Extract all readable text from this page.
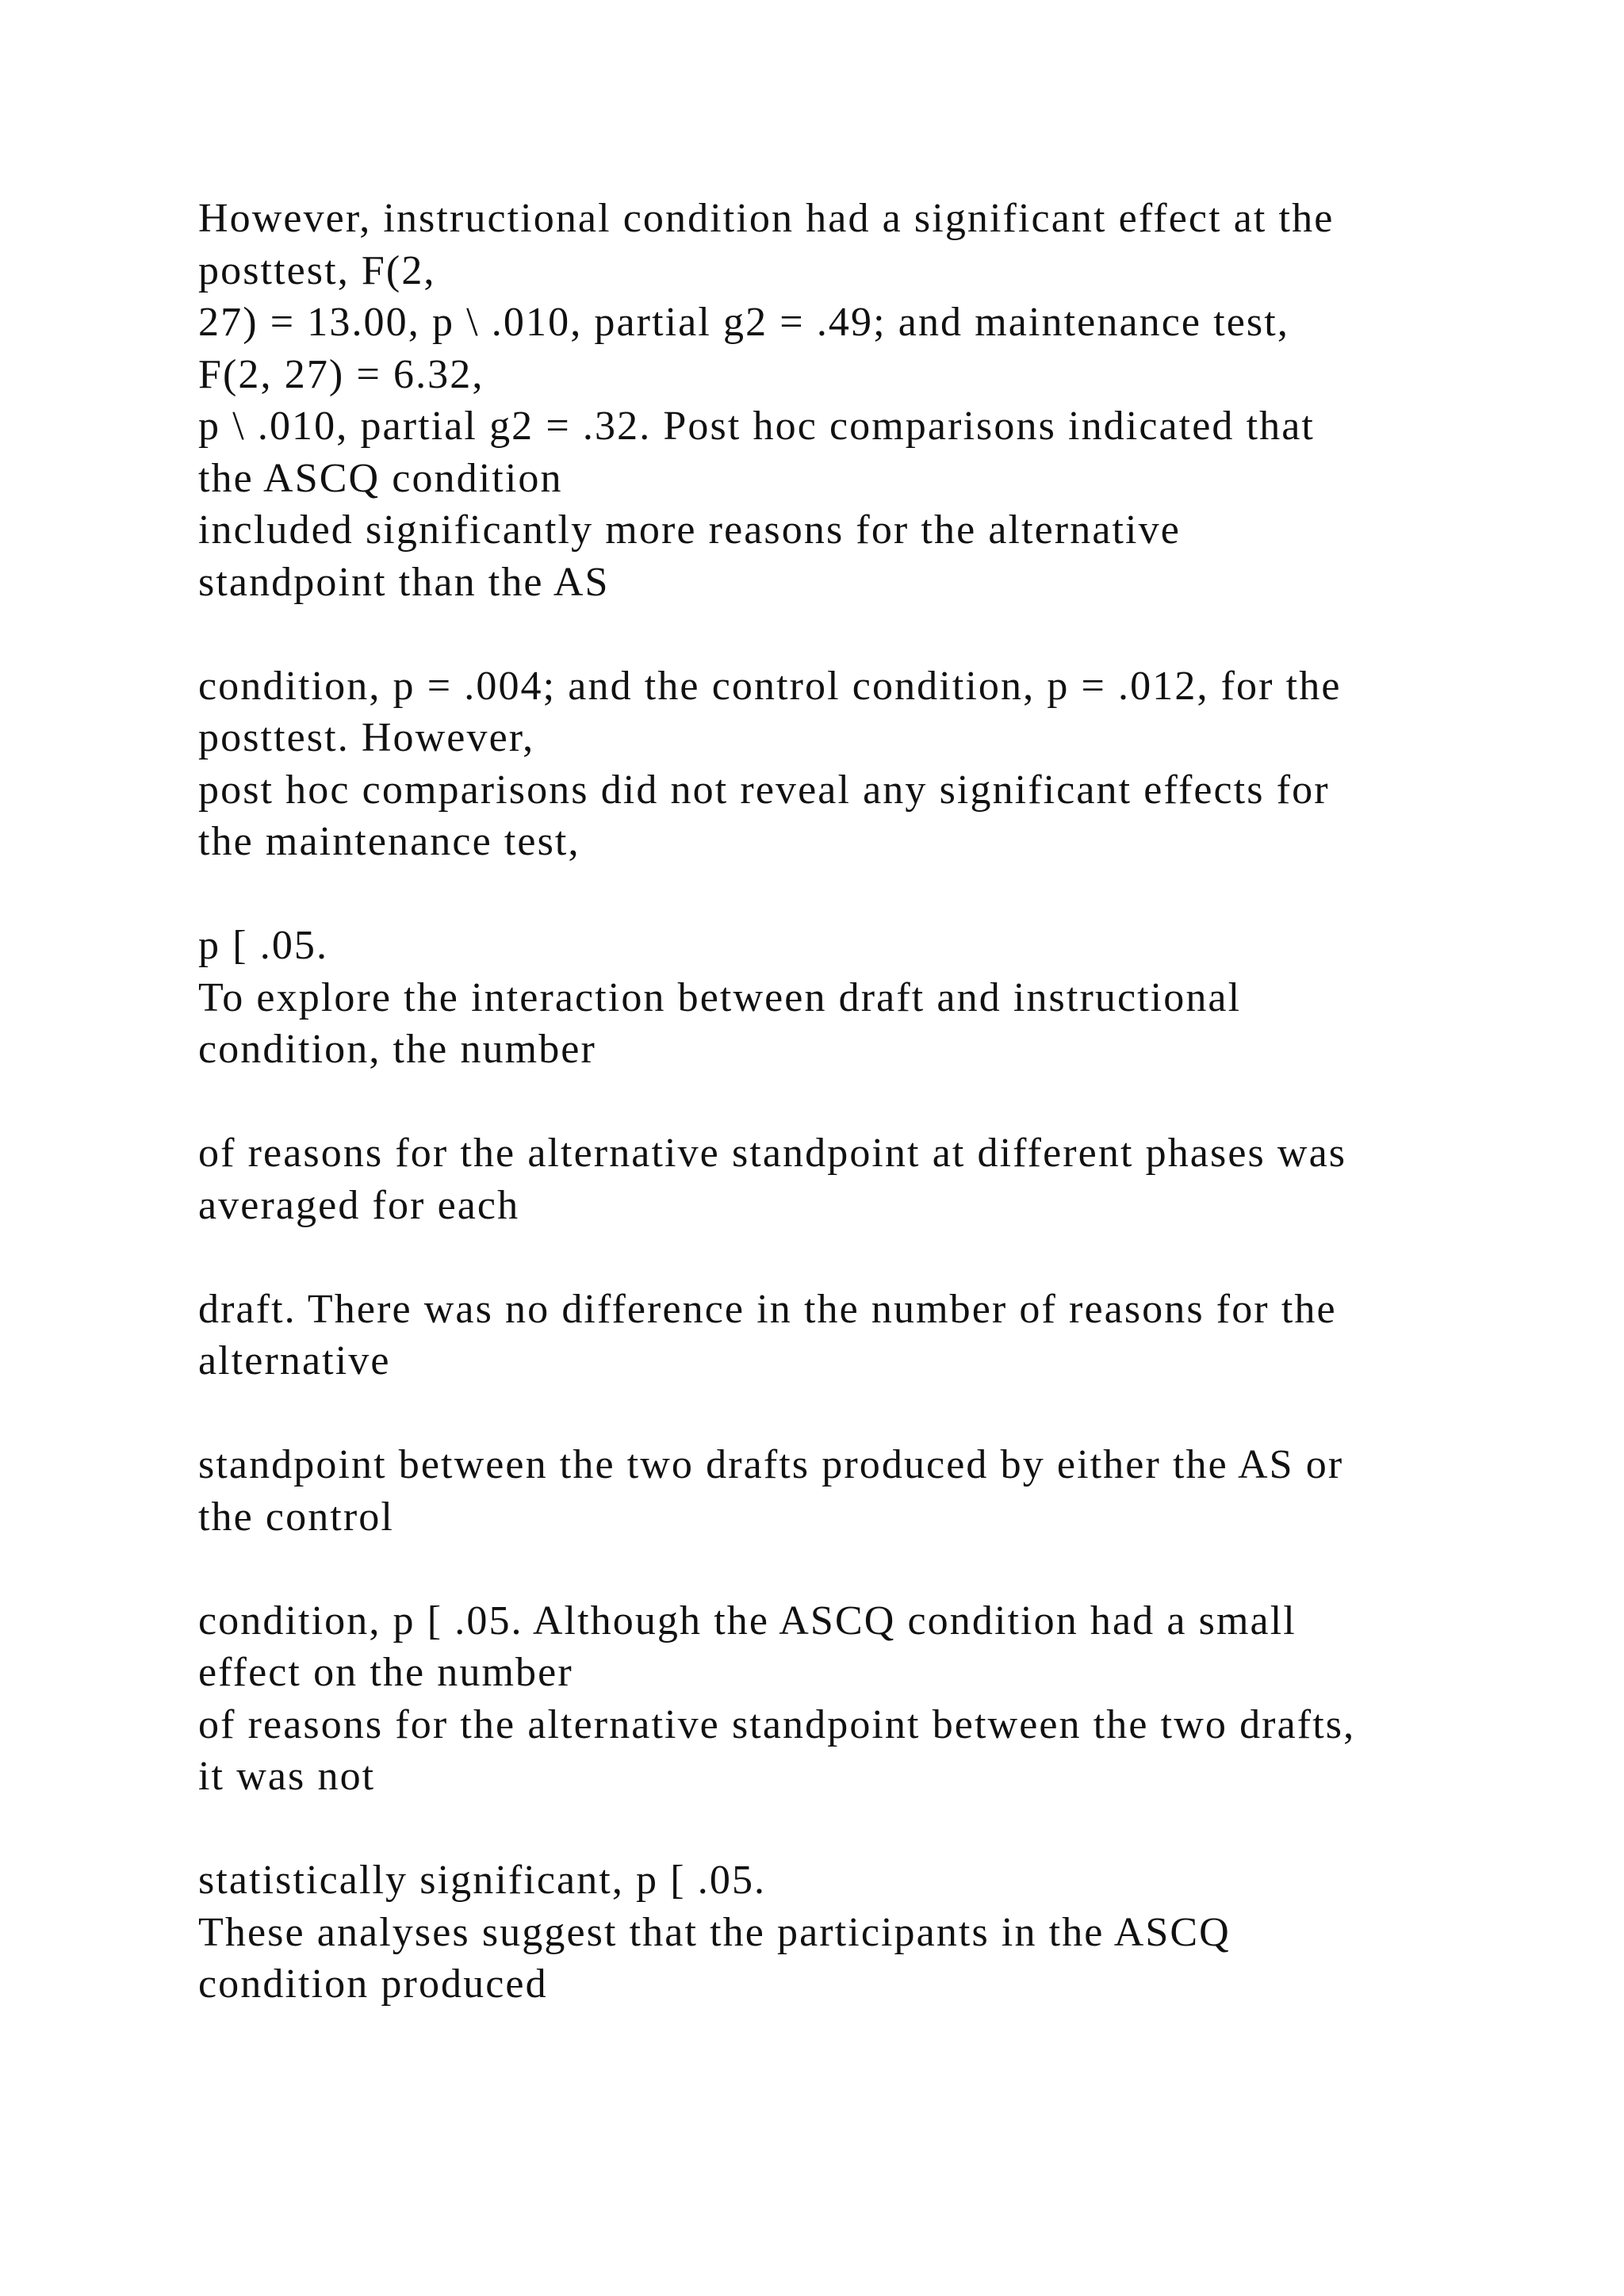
However, instructional condition had a significant effect at the
posttest, F(2,
27) = 13.00, p \ .010, partial g2 = .49; and maintenance test,
F(2, 27) = 6.32,
p \ .010, partial g2 = .32. Post hoc comparisons indicated that
the ASCQ condition
included significantly more reasons for the alternative
standpoint than the AS
condition, p = .004; and the control condition, p = .012, for the
posttest. However,
post hoc comparisons did not reveal any significant effects for
the maintenance test,
p [ .05.
To explore the interaction between draft and instructional
condition, the number
of reasons for the alternative standpoint at different phases was
averaged for each
draft. There was no difference in the number of reasons for the
alternative
standpoint between the two drafts produced by either the AS or
the control
condition, p [ .05. Although the ASCQ condition had a small
effect on the number
of reasons for the alternative standpoint between the two drafts,
it was not
statistically significant, p [ .05.
These analyses suggest that the participants in the ASCQ
condition produced
